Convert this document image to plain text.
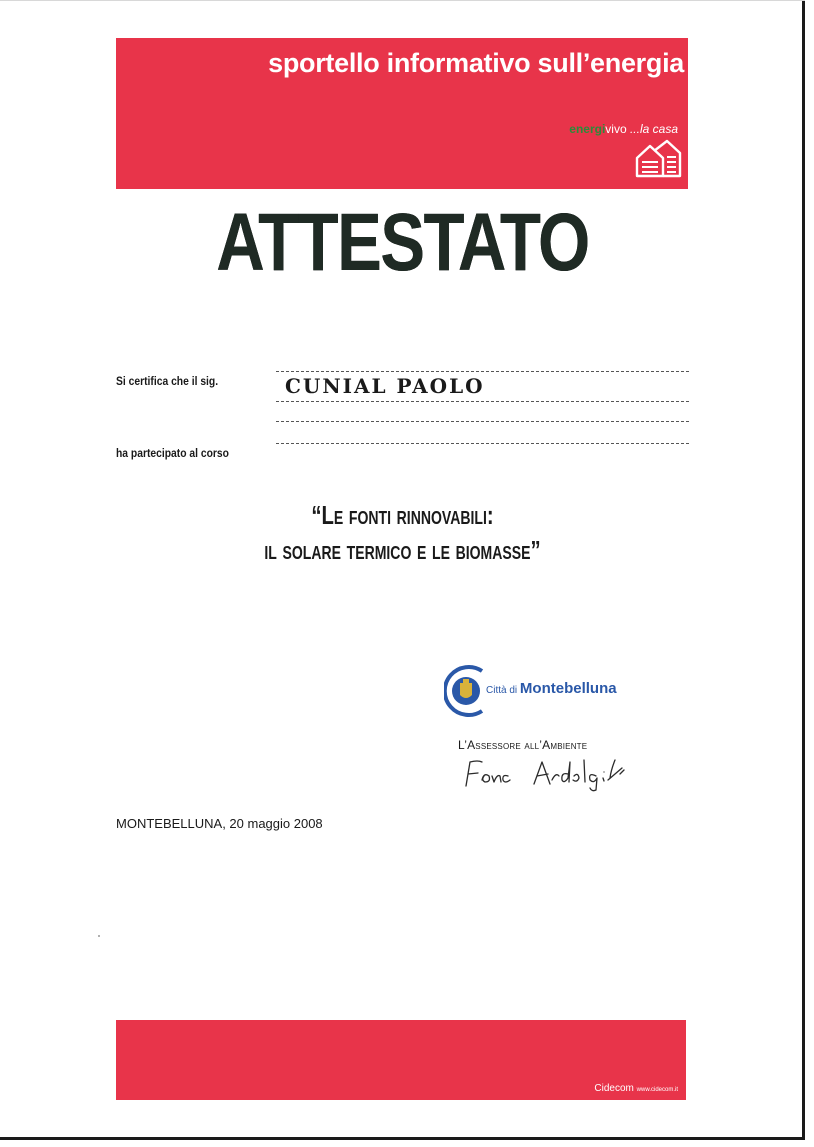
sportello informativo sull’energia
energivivo ...la casa
ATTESTATO
Si certifica che il sig.	CUNIAL PAOLO
ha partecipato al corso
“Le fonti rinnovabili:
il solare termico e le biomasse”
Città di Montebelluna
L’Assessore all’Ambiente
MONTEBELLUNA, 20 maggio 2008
Cidecom www.cidecom.it
